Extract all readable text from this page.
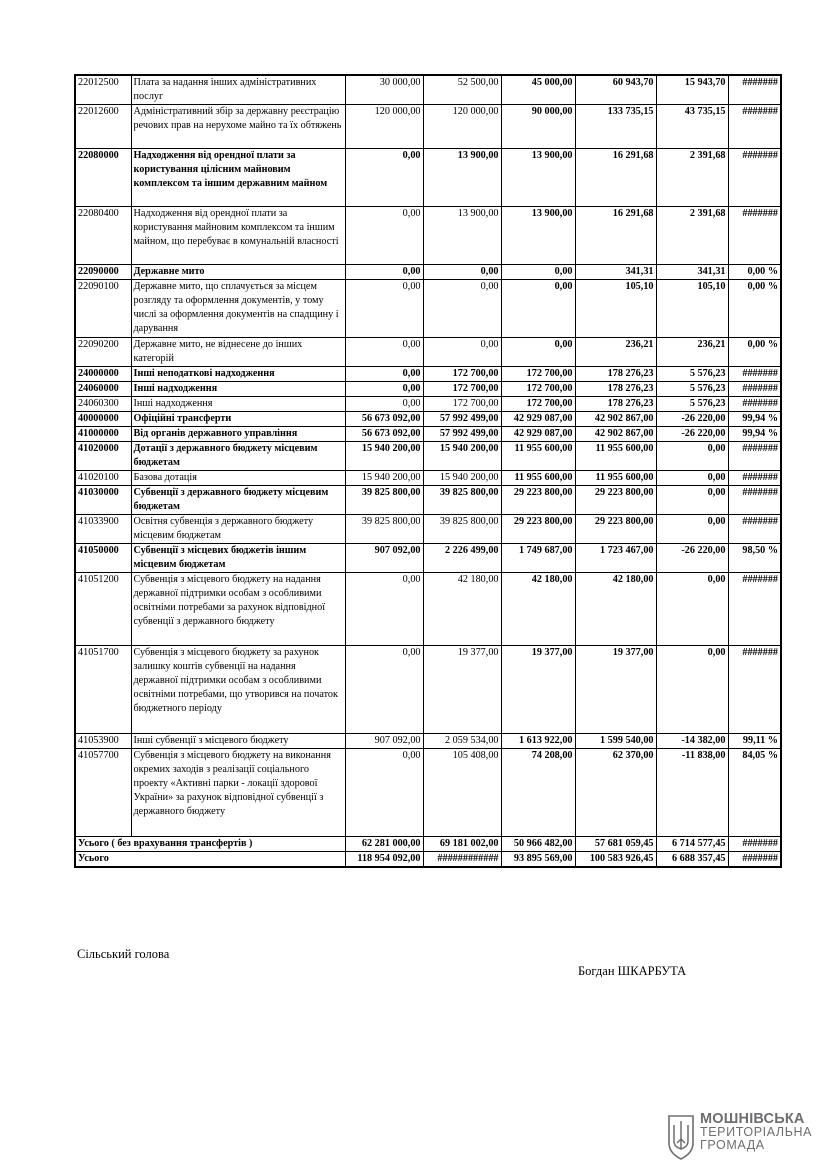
22012500	Плата за надання інших адміністративних послуг	30 000,00	52 500,00	45 000,00	60 943,70	15 943,70	#######
22012600	Адміністративний збір за державну реєстрацію речових прав на нерухоме майно та їх обтяжень	120 000,00	120 000,00	90 000,00	133 735,15	43 735,15	#######
22080000	Надходження від орендної плати за користування цілісним майновим комплексом та іншим державним майном	0,00	13 900,00	13 900,00	16 291,68	2 391,68	#######
22080400	Надходження від орендної плати за користування майновим комплексом та іншим майном, що перебуває в комунальній власності	0,00	13 900,00	13 900,00	16 291,68	2 391,68	#######
22090000	Державне мито	0,00	0,00	0,00	341,31	341,31	0,00 %
22090100	Державне мито, що сплачується за місцем розгляду та оформлення документів, у тому числі за оформлення документів на спадщину і дарування	0,00	0,00	0,00	105,10	105,10	0,00 %
22090200	Державне мито, не віднесене до інших категорій	0,00	0,00	0,00	236,21	236,21	0,00 %
24000000	Інші неподаткові надходження	0,00	172 700,00	172 700,00	178 276,23	5 576,23	#######
24060000	Інші надходження	0,00	172 700,00	172 700,00	178 276,23	5 576,23	#######
24060300	Інші надходження	0,00	172 700,00	172 700,00	178 276,23	5 576,23	#######
40000000	Офіційні трансферти	56 673 092,00	57 992 499,00	42 929 087,00	42 902 867,00	-26 220,00	99,94 %
41000000	Від органів державного управління	56 673 092,00	57 992 499,00	42 929 087,00	42 902 867,00	-26 220,00	99,94 %
41020000	Дотації з державного бюджету місцевим бюджетам	15 940 200,00	15 940 200,00	11 955 600,00	11 955 600,00	0,00	#######
41020100	Базова дотація	15 940 200,00	15 940 200,00	11 955 600,00	11 955 600,00	0,00	#######
41030000	Субвенції з державного бюджету місцевим бюджетам	39 825 800,00	39 825 800,00	29 223 800,00	29 223 800,00	0,00	#######
41033900	Освітня субвенція з державного бюджету місцевим бюджетам	39 825 800,00	39 825 800,00	29 223 800,00	29 223 800,00	0,00	#######
41050000	Субвенції з місцевих бюджетів іншим місцевим бюджетам	907 092,00	2 226 499,00	1 749 687,00	1 723 467,00	-26 220,00	98,50 %
41051200	Субвенція з місцевого бюджету на надання державної підтримки особам з особливими освітніми потребами за рахунок відповідної субвенції з державного бюджету	0,00	42 180,00	42 180,00	42 180,00	0,00	#######
41051700	Субвенція з місцевого бюджету за рахунок залишку коштів субвенції на надання державної підтримки особам з особливими освітніми потребами, що утворився на початок бюджетного періоду	0,00	19 377,00	19 377,00	19 377,00	0,00	#######
41053900	Інші субвенції з місцевого бюджету	907 092,00	2 059 534,00	1 613 922,00	1 599 540,00	-14 382,00	99,11 %
41057700	Субвенція з місцевого бюджету на виконання окремих заходів з реалізації соціального проекту «Активні парки - локації здорової України» за рахунок відповідної субвенції з державного бюджету	0,00	105 408,00	74 208,00	62 370,00	-11 838,00	84,05 %
Усього ( без врахування трансфертів )		62 281 000,00	69 181 002,00	50 966 482,00	57 681 059,45	6 714 577,45	#######
Усього		118 954 092,00	############	93 895 569,00	100 583 926,45	6 688 357,45	#######
Сільський голова
Богдан ШКАРБУТА
МОШНІВСЬКА
ТЕРИТОРІАЛЬНА
ГРОМАДА
